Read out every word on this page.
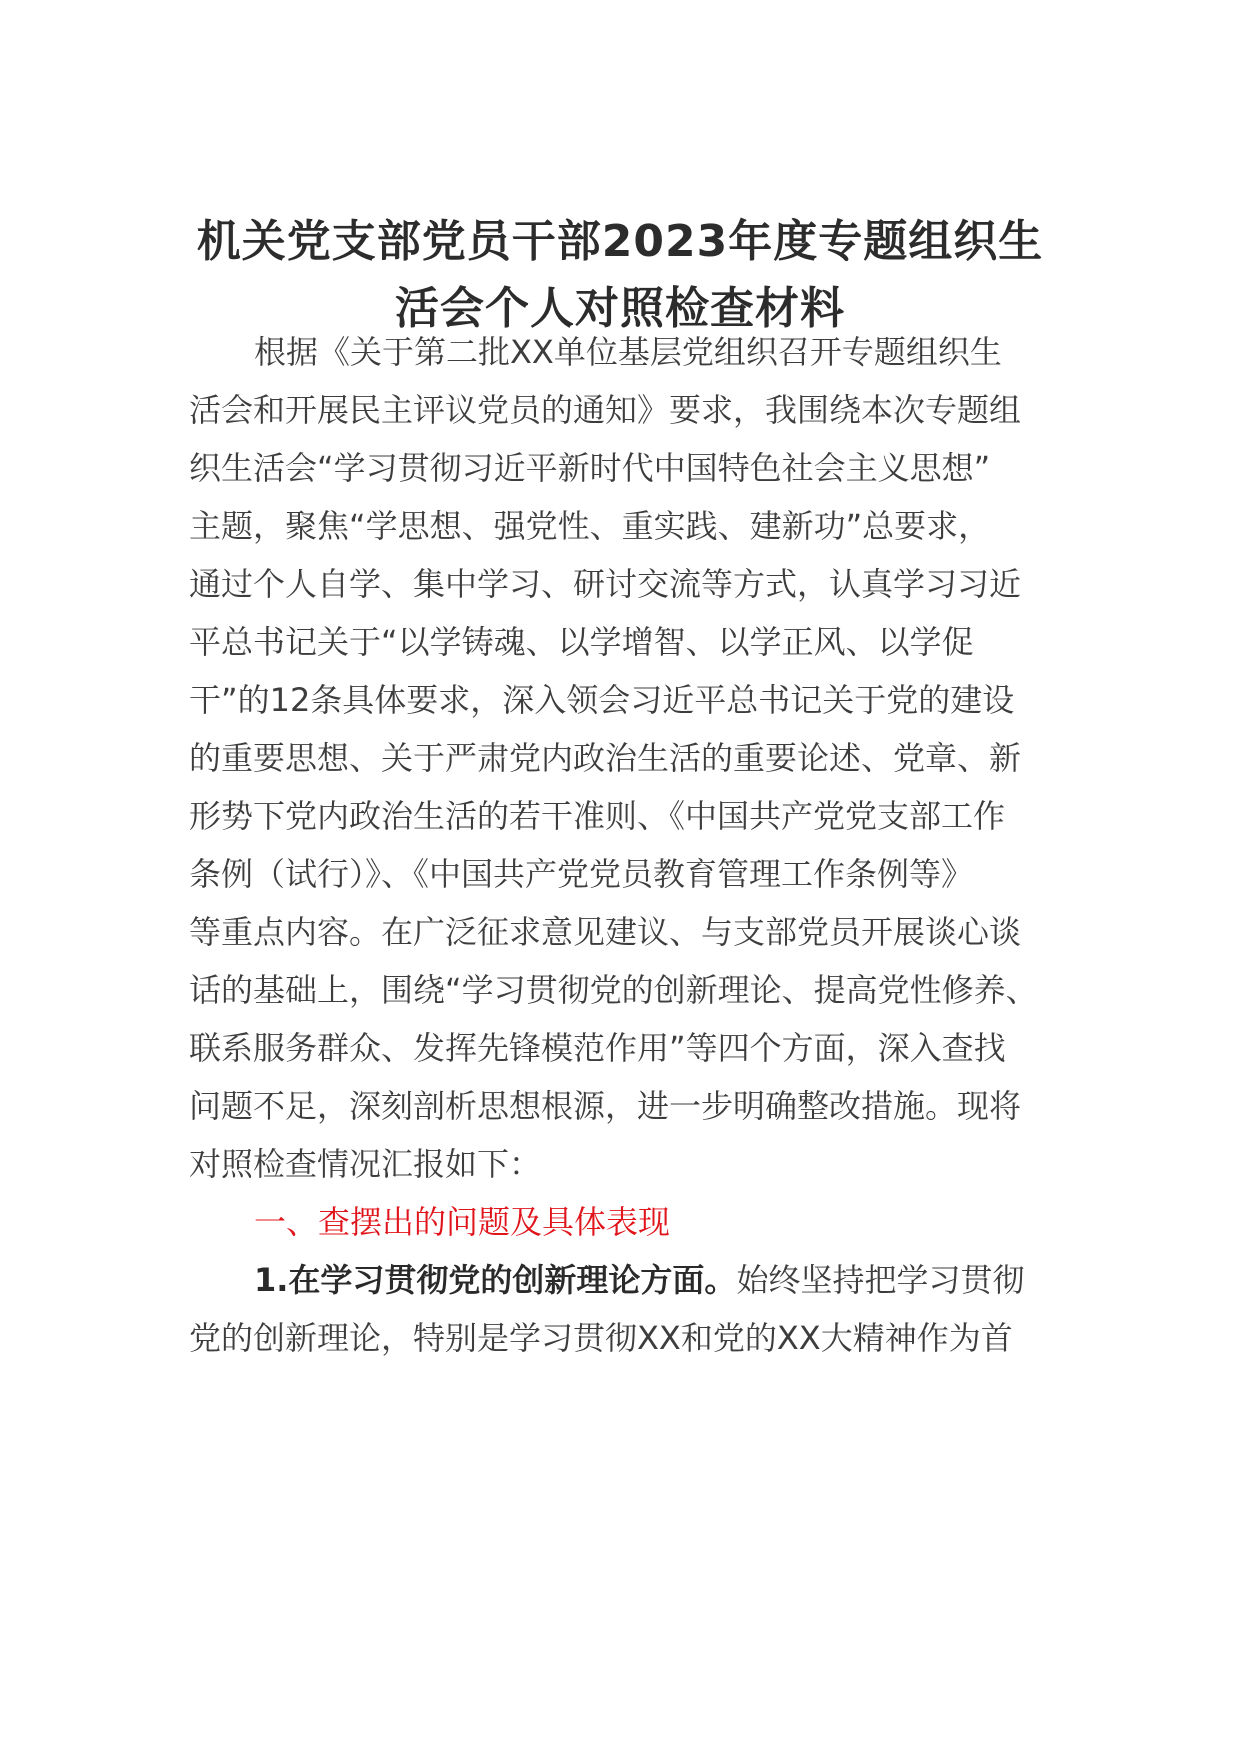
机关党支部党员干部2023年度专题组织生
活会个人对照检查材料
根据《关于第二批XX单位基层党组织召开专题组织生
活会和开展民主评议党员的通知》要求，我围绕本次专题组
织生活会“学习贯彻习近平新时代中国特色社会主义思想”
主题，聚焦“学思想、强党性、重实践、建新功”总要求，
通过个人自学、集中学习、研讨交流等方式，认真学习习近
平总书记关于“以学铸魂、以学增智、以学正风、以学促
干”的12条具体要求，深入领会习近平总书记关于党的建设
的重要思想、关于严肃党内政治生活的重要论述、党章、新
形势下党内政治生活的若干准则、《中国共产党党支部工作
条例（试行）》、《中国共产党党员教育管理工作条例等》
等重点内容。在广泛征求意见建议、与支部党员开展谈心谈
话的基础上，围绕“学习贯彻党的创新理论、提高党性修养、
联系服务群众、发挥先锋模范作用”等四个方面，深入查找
问题不足，深刻剖析思想根源，进一步明确整改措施。现将
对照检查情况汇报如下：
一、查摆出的问题及具体表现
1.在学习贯彻党的创新理论方面。始终坚持把学习贯彻
党的创新理论，特别是学习贯彻XX和党的XX大精神作为首
